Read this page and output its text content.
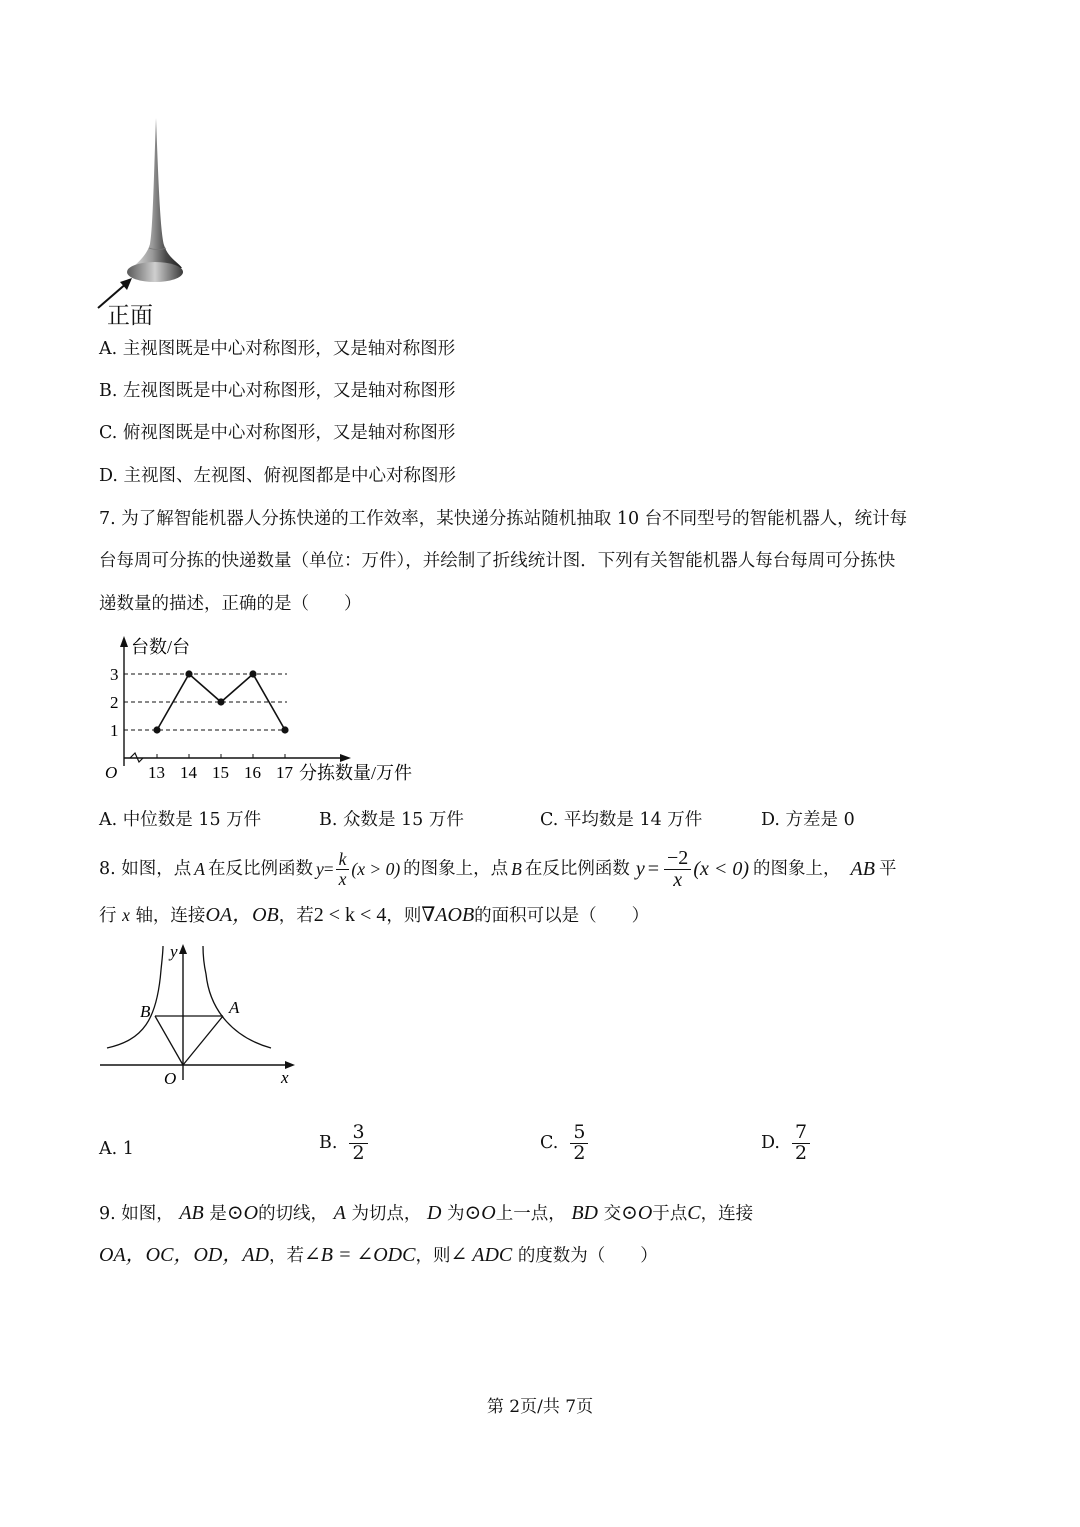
正面
A. 主视图既是中心对称图形，又是轴对称图形
B. 左视图既是中心对称图形，又是轴对称图形
C. 俯视图既是中心对称图形，又是轴对称图形
D. 主视图、左视图、俯视图都是中心对称图形
7. 为了解智能机器人分拣快递的工作效率，某快递分拣站随机抽取 10 台不同型号的智能机器人，统计每
台每周可分拣的快递数量（单位：万件），并绘制了折线统计图．下列有关智能机器人每台每周可分拣快
递数量的描述，正确的是（　　）
1
2
3
13 14 15 16 17
O
台数/台
分拣数量/万件
A. 中位数是 15 万件	B. 众数是 15 万件	C. 平均数是 14 万件	D. 方差是 0
8.
如图，点 A 在反比例函数 $y = \frac{k}{x} (x > 0)$ 的图象上，点 B 在反比例函数 $y = \frac{-2}{x} (x < 0)$ 的图象上， AB 平
行 x 轴，连接OA，OB，若2 < k < 4，则∇AOB的面积可以是（　　）
y
B	A
O	x
A. 1	B. $\frac{3}{2}$	C. $\frac{5}{2}$	D. $\frac{7}{2}$
9. 如图， AB 是⊙O的切线， A 为切点， D 为⊙O上一点， BD 交⊙O于点C，连接
OA，OC，OD，AD，若∠B = ∠ODC，则∠ ADC 的度数为（　　）
第 2页/共 7页
